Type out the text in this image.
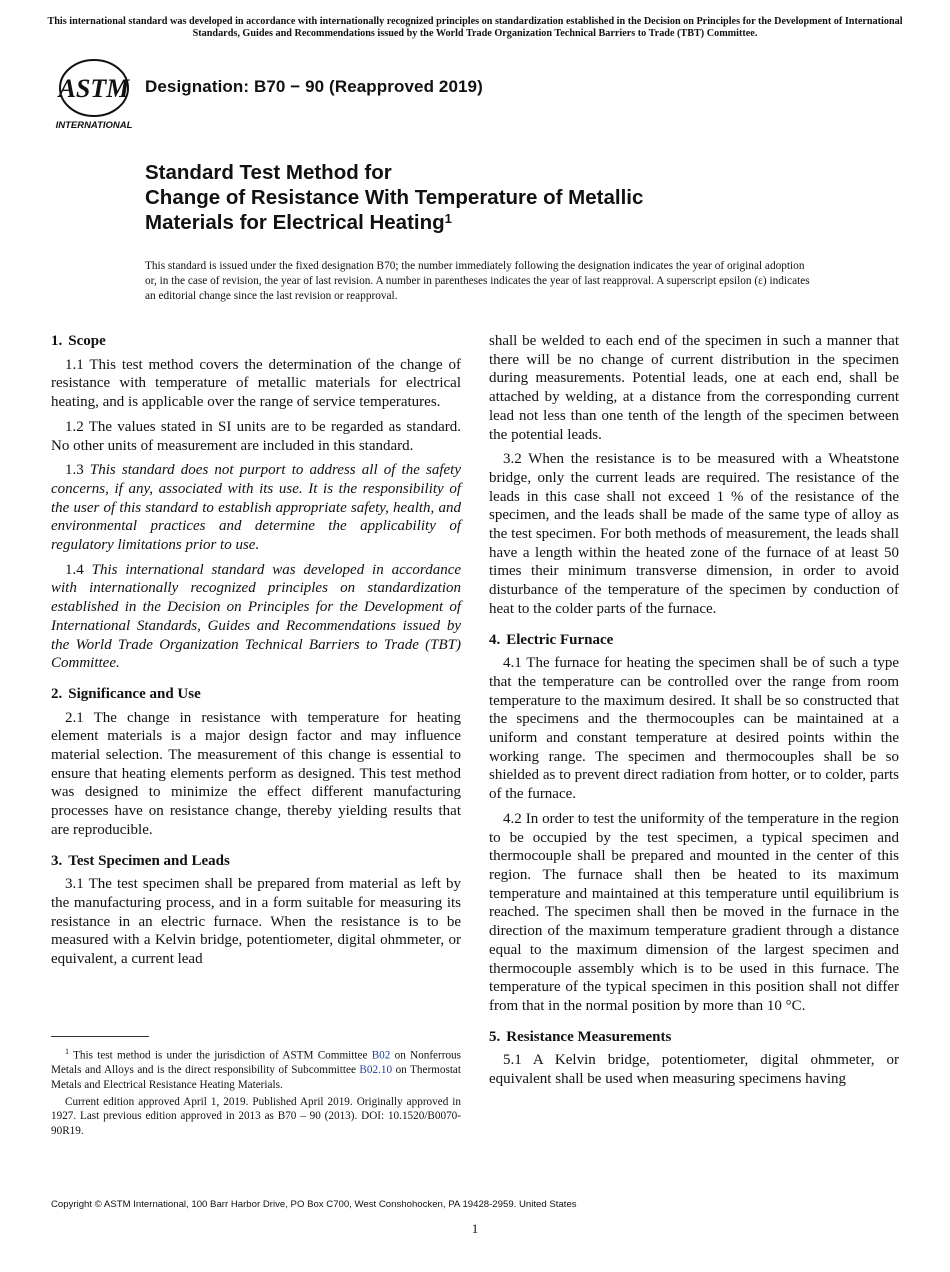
This international standard was developed in accordance with internationally recognized principles on standardization established in the Decision on Principles for the Development of International Standards, Guides and Recommendations issued by the World Trade Organization Technical Barriers to Trade (TBT) Committee.
ASTM
INTERNATIONAL
Designation: B70 − 90 (Reapproved 2019)
Standard Test Method for
Change of Resistance With Temperature of Metallic
Materials for Electrical Heating$^1$
This standard is issued under the fixed designation B70; the number immediately following the designation indicates the year of original adoption or, in the case of revision, the year of last revision. A number in parentheses indicates the year of last reapproval. A superscript epsilon (ε) indicates an editorial change since the last revision or reapproval.
1. Scope

1.1 This test method covers the determination of the change of resistance with temperature of metallic materials for electrical heating, and is applicable over the range of service temperatures.

1.2 The values stated in SI units are to be regarded as standard. No other units of measurement are included in this standard.

1.3 This standard does not purport to address all of the safety concerns, if any, associated with its use. It is the responsibility of the user of this standard to establish appropriate safety, health, and environmental practices and determine the applicability of regulatory limitations prior to use.

1.4 This international standard was developed in accordance with internationally recognized principles on standardization established in the Decision on Principles for the Development of International Standards, Guides and Recommendations issued by the World Trade Organization Technical Barriers to Trade (TBT) Committee.

2. Significance and Use

2.1 The change in resistance with temperature for heating element materials is a major design factor and may influence material selection. The measurement of this change is essential to ensure that heating elements perform as designed. This test method was designed to minimize the effect different manufacturing processes have on resistance change, thereby yielding results that are reproducible.

3. Test Specimen and Leads

3.1 The test specimen shall be prepared from material as left by the manufacturing process, and in a form suitable for measuring its resistance in an electric furnace. When the resistance is to be measured with a Kelvin bridge, potentiometer, digital ohmmeter, or equivalent, a current lead

$^1$ This test method is under the jurisdiction of ASTM Committee B02 on Nonferrous Metals and Alloys and is the direct responsibility of Subcommittee B02.10 on Thermostat Metals and Electrical Resistance Heating Materials.

Current edition approved April 1, 2019. Published April 2019. Originally approved in 1927. Last previous edition approved in 2013 as B70 – 90 (2013). DOI: 10.1520/B0070-90R19.

shall be welded to each end of the specimen in such a manner that there will be no change of current distribution in the specimen during measurements. Potential leads, one at each end, shall be attached by welding, at a distance from the corresponding current lead not less than one tenth of the length of the specimen between the potential leads.

3.2 When the resistance is to be measured with a Wheatstone bridge, only the current leads are required. The resistance of the leads in this case shall not exceed 1 % of the resistance of the specimen, and the leads shall be made of the same type of alloy as the test specimen. For both methods of measurement, the leads shall have a length within the heated zone of the furnace of at least 50 times their minimum transverse dimension, in order to avoid disturbance of the temperature of the specimen by conduction of heat to the colder parts of the furnace.

4. Electric Furnace

4.1 The furnace for heating the specimen shall be of such a type that the temperature can be controlled over the range from room temperature to the maximum desired. It shall be so constructed that the specimens and the thermocouples can be maintained at a uniform and constant temperature at desired points within the working range. The specimen and thermocouples shall be so shielded as to prevent direct radiation from hotter, or to colder, parts of the furnace.

4.2 In order to test the uniformity of the temperature in the region to be occupied by the test specimen, a typical specimen and thermocouple shall be prepared and mounted in the center of this region. The furnace shall then be heated to its maximum temperature and maintained at this temperature until equilibrium is reached. The specimen shall then be moved in the furnace in the direction of the maximum temperature gradient through a distance equal to the maximum dimension of the largest specimen and thermocouple assembly which is to be used in this furnace. The temperature of the typical specimen in this position shall not differ from that in the normal position by more than 10 °C.

5. Resistance Measurements

5.1 A Kelvin bridge, potentiometer, digital ohmmeter, or equivalent shall be used when measuring specimens having

Copyright © ASTM International, 100 Barr Harbor Drive, PO Box C700, West Conshohocken, PA 19428-2959. United States
1
